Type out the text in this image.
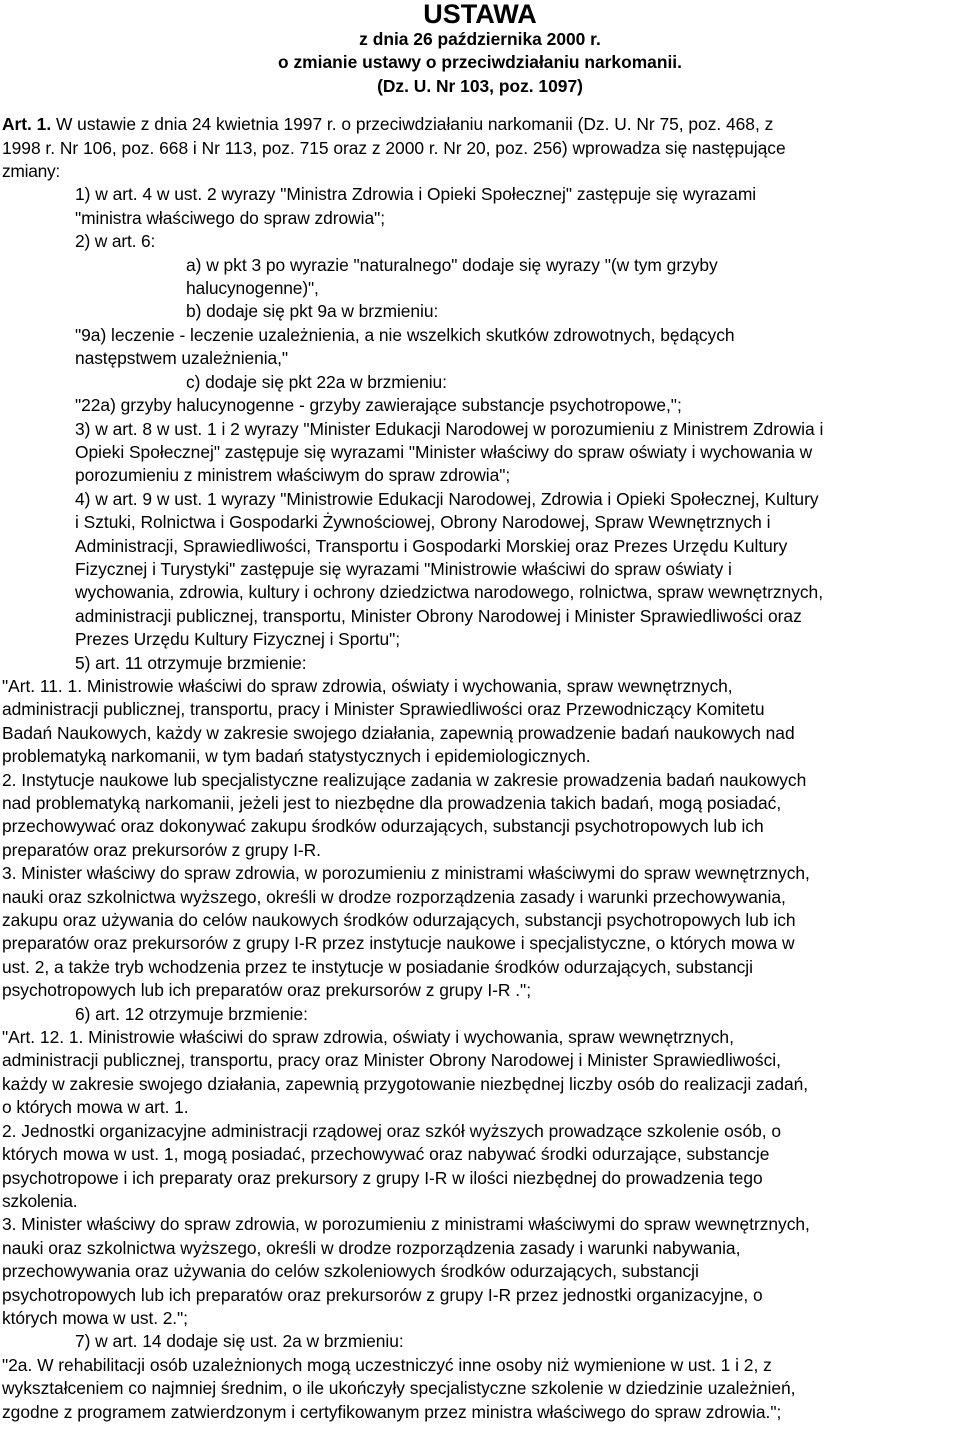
USTAWA

z dnia 26 października 2000 r.

o zmianie ustawy o przeciwdziałaniu narkomanii.

(Dz. U. Nr 103, poz. 1097)

Art. 1. W ustawie z dnia 24 kwietnia 1997 r. o przeciwdziałaniu narkomanii (Dz. U. Nr 75, poz. 468, z
1998 r. Nr 106, poz. 668 i Nr 113, poz. 715 oraz z 2000 r. Nr 20, poz. 256) wprowadza się następujące
zmiany:
1) w art. 4 w ust. 2 wyrazy "Ministra Zdrowia i Opieki Społecznej" zastępuje się wyrazami
"ministra właściwego do spraw zdrowia";
2) w art. 6:
a) w pkt 3 po wyrazie "naturalnego" dodaje się wyrazy "(w tym grzyby
halucynogenne)",
b) dodaje się pkt 9a w brzmieniu:
"9a) leczenie - leczenie uzależnienia, a nie wszelkich skutków zdrowotnych, będących
następstwem uzależnienia,"
c) dodaje się pkt 22a w brzmieniu:
"22a) grzyby halucynogenne - grzyby zawierające substancje psychotropowe,";
3) w art. 8 w ust. 1 i 2 wyrazy "Minister Edukacji Narodowej w porozumieniu z Ministrem Zdrowia i
Opieki Społecznej" zastępuje się wyrazami "Minister właściwy do spraw oświaty i wychowania w
porozumieniu z ministrem właściwym do spraw zdrowia";
4) w art. 9 w ust. 1 wyrazy "Ministrowie Edukacji Narodowej, Zdrowia i Opieki Społecznej, Kultury
i Sztuki, Rolnictwa i Gospodarki Żywnościowej, Obrony Narodowej, Spraw Wewnętrznych i
Administracji, Sprawiedliwości, Transportu i Gospodarki Morskiej oraz Prezes Urzędu Kultury
Fizycznej i Turystyki" zastępuje się wyrazami "Ministrowie właściwi do spraw oświaty i
wychowania, zdrowia, kultury i ochrony dziedzictwa narodowego, rolnictwa, spraw wewnętrznych,
administracji publicznej, transportu, Minister Obrony Narodowej i Minister Sprawiedliwości oraz
Prezes Urzędu Kultury Fizycznej i Sportu";
5) art. 11 otrzymuje brzmienie:
"Art. 11. 1. Ministrowie właściwi do spraw zdrowia, oświaty i wychowania, spraw wewnętrznych,
administracji publicznej, transportu, pracy i Minister Sprawiedliwości oraz Przewodniczący Komitetu
Badań Naukowych, każdy w zakresie swojego działania, zapewnią prowadzenie badań naukowych nad
problematyką narkomanii, w tym badań statystycznych i epidemiologicznych.
2. Instytucje naukowe lub specjalistyczne realizujące zadania w zakresie prowadzenia badań naukowych
nad problematyką narkomanii, jeżeli jest to niezbędne dla prowadzenia takich badań, mogą posiadać,
przechowywać oraz dokonywać zakupu środków odurzających, substancji psychotropowych lub ich
preparatów oraz prekursorów z grupy I-R.
3. Minister właściwy do spraw zdrowia, w porozumieniu z ministrami właściwymi do spraw wewnętrznych,
nauki oraz szkolnictwa wyższego, określi w drodze rozporządzenia zasady i warunki przechowywania,
zakupu oraz używania do celów naukowych środków odurzających, substancji psychotropowych lub ich
preparatów oraz prekursorów z grupy I-R przez instytucje naukowe i specjalistyczne, o których mowa w
ust. 2, a także tryb wchodzenia przez te instytucje w posiadanie środków odurzających, substancji
psychotropowych lub ich preparatów oraz prekursorów z grupy I-R .";
6) art. 12 otrzymuje brzmienie:
"Art. 12. 1. Ministrowie właściwi do spraw zdrowia, oświaty i wychowania, spraw wewnętrznych,
administracji publicznej, transportu, pracy oraz Minister Obrony Narodowej i Minister Sprawiedliwości,
każdy w zakresie swojego działania, zapewnią przygotowanie niezbędnej liczby osób do realizacji zadań,
o których mowa w art. 1.
2. Jednostki organizacyjne administracji rządowej oraz szkół wyższych prowadzące szkolenie osób, o
których mowa w ust. 1, mogą posiadać, przechowywać oraz nabywać środki odurzające, substancje
psychotropowe i ich preparaty oraz prekursory z grupy I-R w ilości niezbędnej do prowadzenia tego
szkolenia.
3. Minister właściwy do spraw zdrowia, w porozumieniu z ministrami właściwymi do spraw wewnętrznych,
nauki oraz szkolnictwa wyższego, określi w drodze rozporządzenia zasady i warunki nabywania,
przechowywania oraz używania do celów szkoleniowych środków odurzających, substancji
psychotropowych lub ich preparatów oraz prekursorów z grupy I-R przez jednostki organizacyjne, o
których mowa w ust. 2.";
7) w art. 14 dodaje się ust. 2a w brzmieniu:
"2a. W rehabilitacji osób uzależnionych mogą uczestniczyć inne osoby niż wymienione w ust. 1 i 2, z
wykształceniem co najmniej średnim, o ile ukończyły specjalistyczne szkolenie w dziedzinie uzależnień,
zgodne z programem zatwierdzonym i certyfikowanym przez ministra właściwego do spraw zdrowia.";
